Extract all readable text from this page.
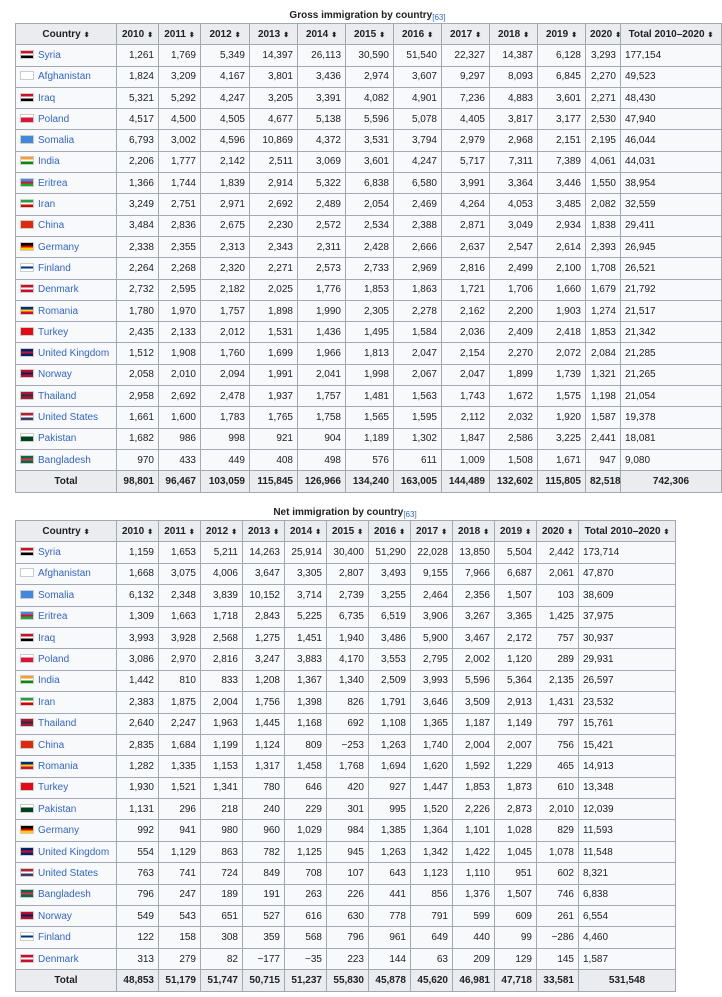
Gross immigration by country$_{[63]}$
Country ⬍	2010 ⬍	2011 ⬍	2012 ⬍	2013 ⬍	2014 ⬍	2015 ⬍	2016 ⬍	2017 ⬍	2018 ⬍	2019 ⬍	2020 ⬍	Total 2010–2020 ⬍
Syria	1,261	1,769	5,349	14,397	26,113	30,590	51,540	22,327	14,387	6,128	3,293	177,154
Afghanistan	1,824	3,209	4,167	3,801	3,436	2,974	3,607	9,297	8,093	6,845	2,270	49,523
Iraq	5,321	5,292	4,247	3,205	3,391	4,082	4,901	7,236	4,883	3,601	2,271	48,430
Poland	4,517	4,500	4,505	4,677	5,138	5,596	5,078	4,405	3,817	3,177	2,530	47,940
Somalia	6,793	3,002	4,596	10,869	4,372	3,531	3,794	2,979	2,968	2,151	2,195	46,044
India	2,206	1,777	2,142	2,511	3,069	3,601	4,247	5,717	7,311	7,389	4,061	44,031
Eritrea	1,366	1,744	1,839	2,914	5,322	6,838	6,580	3,991	3,364	3,446	1,550	38,954
Iran	3,249	2,751	2,971	2,692	2,489	2,054	2,469	4,264	4,053	3,485	2,082	32,559
China	3,484	2,836	2,675	2,230	2,572	2,534	2,388	2,871	3,049	2,934	1,838	29,411
Germany	2,338	2,355	2,313	2,343	2,311	2,428	2,666	2,637	2,547	2,614	2,393	26,945
Finland	2,264	2,268	2,320	2,271	2,573	2,733	2,969	2,816	2,499	2,100	1,708	26,521
Denmark	2,732	2,595	2,182	2,025	1,776	1,853	1,863	1,721	1,706	1,660	1,679	21,792
Romania	1,780	1,970	1,757	1,898	1,990	2,305	2,278	2,162	2,200	1,903	1,274	21,517
Turkey	2,435	2,133	2,012	1,531	1,436	1,495	1,584	2,036	2,409	2,418	1,853	21,342
United Kingdom	1,512	1,908	1,760	1,699	1,966	1,813	2,047	2,154	2,270	2,072	2,084	21,285
Norway	2,058	2,010	2,094	1,991	2,041	1,998	2,067	2,047	1,899	1,739	1,321	21,265
Thailand	2,958	2,692	2,478	1,937	1,757	1,481	1,563	1,743	1,672	1,575	1,198	21,054
United States	1,661	1,600	1,783	1,765	1,758	1,565	1,595	2,112	2,032	1,920	1,587	19,378
Pakistan	1,682	986	998	921	904	1,189	1,302	1,847	2,586	3,225	2,441	18,081
Bangladesh	970	433	449	408	498	576	611	1,009	1,508	1,671	947	9,080
Total	98,801	96,467	103,059	115,845	126,966	134,240	163,005	144,489	132,602	115,805	82,518	742,306
Net immigration by country$_{[63]}$
Country ⬍	2010 ⬍	2011 ⬍	2012 ⬍	2013 ⬍	2014 ⬍	2015 ⬍	2016 ⬍	2017 ⬍	2018 ⬍	2019 ⬍	2020 ⬍	Total 2010–2020 ⬍
Syria	1,159	1,653	5,211	14,263	25,914	30,400	51,290	22,028	13,850	5,504	2,442	173,714
Afghanistan	1,668	3,075	4,006	3,647	3,305	2,807	3,493	9,155	7,966	6,687	2,061	47,870
Somalia	6,132	2,348	3,839	10,152	3,714	2,739	3,255	2,464	2,356	1,507	103	38,609
Eritrea	1,309	1,663	1,718	2,843	5,225	6,735	6,519	3,906	3,267	3,365	1,425	37,975
Iraq	3,993	3,928	2,568	1,275	1,451	1,940	3,486	5,900	3,467	2,172	757	30,937
Poland	3,086	2,970	2,816	3,247	3,883	4,170	3,553	2,795	2,002	1,120	289	29,931
India	1,442	810	833	1,208	1,367	1,340	2,509	3,993	5,596	5,364	2,135	26,597
Iran	2,383	1,875	2,004	1,756	1,398	826	1,791	3,646	3,509	2,913	1,431	23,532
Thailand	2,640	2,247	1,963	1,445	1,168	692	1,108	1,365	1,187	1,149	797	15,761
China	2,835	1,684	1,199	1,124	809	−253	1,263	1,740	2,004	2,007	756	15,421
Romania	1,282	1,335	1,153	1,317	1,458	1,768	1,694	1,620	1,592	1,229	465	14,913
Turkey	1,930	1,521	1,341	780	646	420	927	1,447	1,853	1,873	610	13,348
Pakistan	1,131	296	218	240	229	301	995	1,520	2,226	2,873	2,010	12,039
Germany	992	941	980	960	1,029	984	1,385	1,364	1,101	1,028	829	11,593
United Kingdom	554	1,129	863	782	1,125	945	1,263	1,342	1,422	1,045	1,078	11,548
United States	763	741	724	849	708	107	643	1,123	1,110	951	602	8,321
Bangladesh	796	247	189	191	263	226	441	856	1,376	1,507	746	6,838
Norway	549	543	651	527	616	630	778	791	599	609	261	6,554
Finland	122	158	308	359	568	796	961	649	440	99	−286	4,460
Denmark	313	279	82	−177	−35	223	144	63	209	129	145	1,587
Total	48,853	51,179	51,747	50,715	51,237	55,830	45,878	45,620	46,981	47,718	33,581	531,548
